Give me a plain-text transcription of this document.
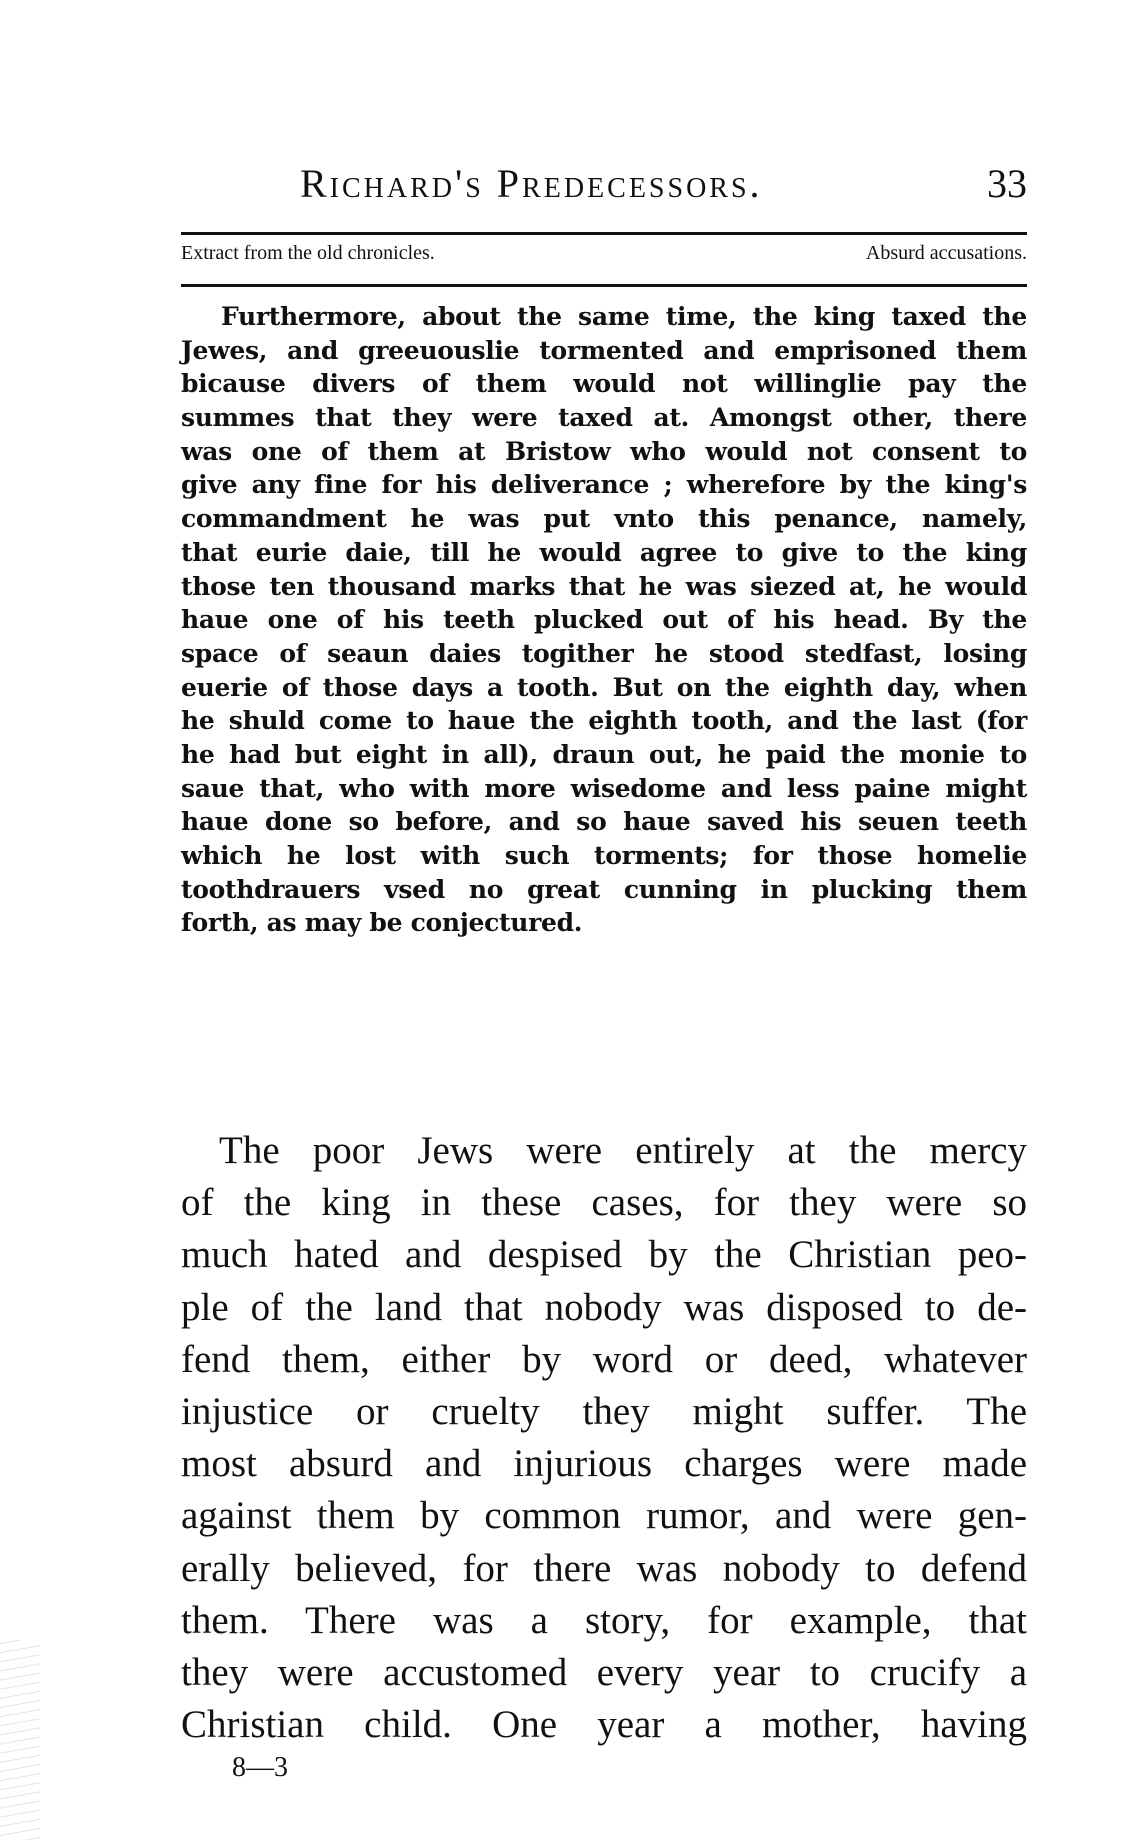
Richard's Predecessors.	33
Extract from the old chronicles.	Absurd accusations.
Furthermore, about the same time, the king taxed the
Jewes, and greeuouslie tormented and emprisoned them
bicause divers of them would not willinglie pay the
summes that they were taxed at. Amongst other, there
was one of them at Bristow who would not consent to
give any fine for his deliverance ; wherefore by the king's
commandment he was put vnto this penance, namely,
that eurie daie, till he would agree to give to the king
those ten thousand marks that he was siezed at, he would
haue one of his teeth plucked out of his head. By the
space of seaun daies togither he stood stedfast, losing
euerie of those days a tooth. But on the eighth day, when
he shuld come to haue the eighth tooth, and the last (for
he had but eight in all), draun out, he paid the monie to
saue that, who with more wisedome and less paine might
haue done so before, and so haue saved his seuen teeth
which he lost with such torments; for those homelie
toothdrauers vsed no great cunning in plucking them
forth, as may be conjectured.
The poor Jews were entirely at the mercy
of the king in these cases, for they were so
much hated and despised by the Christian peo-
ple of the land that nobody was disposed to de-
fend them, either by word or deed, whatever
injustice or cruelty they might suffer. The
most absurd and injurious charges were made
against them by common rumor, and were gen-
erally believed, for there was nobody to defend
them. There was a story, for example, that
they were accustomed every year to crucify a
Christian child. One year a mother, having
8—3
